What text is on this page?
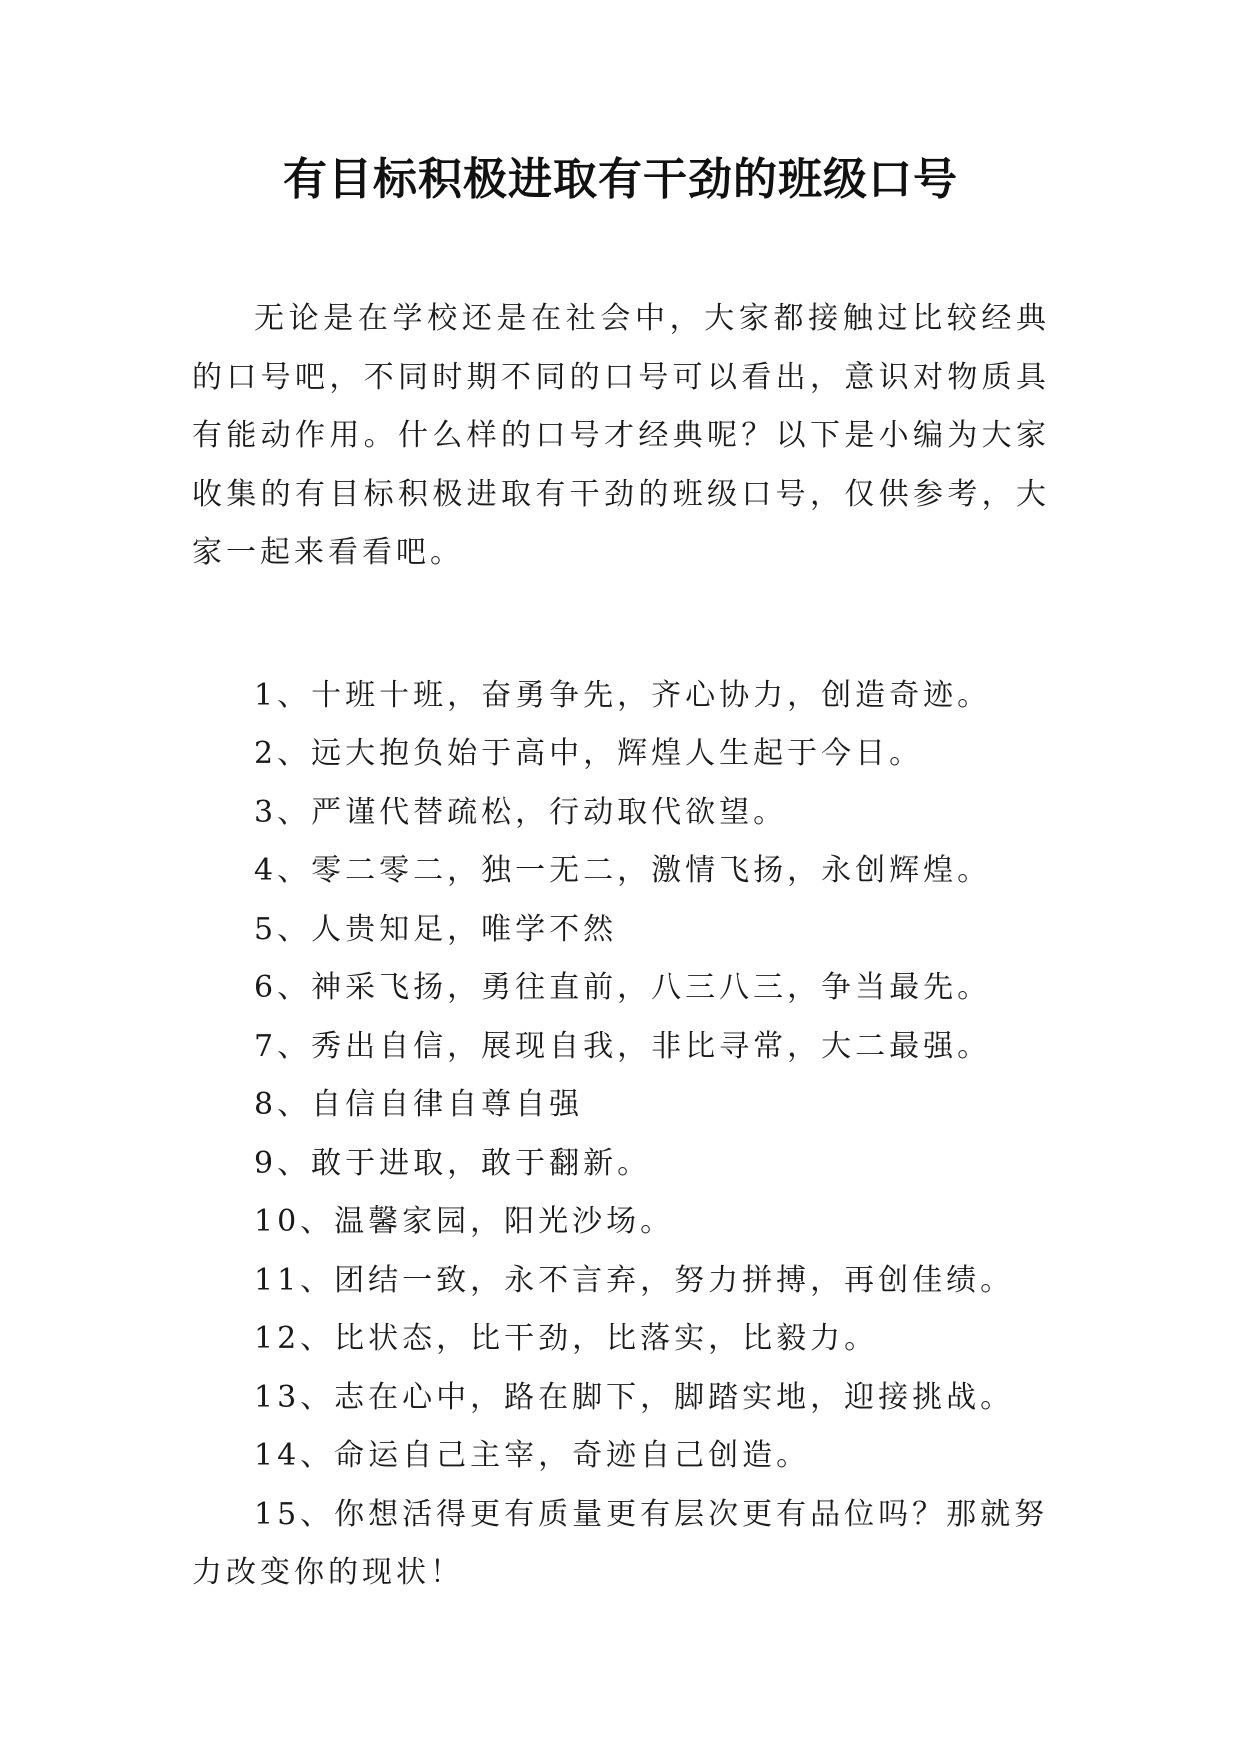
有目标积极进取有干劲的班级口号

无论是在学校还是在社会中，大家都接触过比较经典的口号吧，不同时期不同的口号可以看出，意识对物质具有能动作用。什么样的口号才经典呢？以下是小编为大家收集的有目标积极进取有干劲的班级口号，仅供参考，大家一起来看看吧。

1、十班十班，奋勇争先，齐心协力，创造奇迹。
2、远大抱负始于高中，辉煌人生起于今日。
3、严谨代替疏松，行动取代欲望。
4、零二零二，独一无二，激情飞扬，永创辉煌。
5、人贵知足，唯学不然
6、神采飞扬，勇往直前，八三八三，争当最先。
7、秀出自信，展现自我，非比寻常，大二最强。
8、自信自律自尊自强
9、敢于进取，敢于翻新。
10、温馨家园，阳光沙场。
11、团结一致，永不言弃，努力拼搏，再创佳绩。
12、比状态，比干劲，比落实，比毅力。
13、志在心中，路在脚下，脚踏实地，迎接挑战。
14、命运自己主宰，奇迹自己创造。
15、你想活得更有质量更有层次更有品位吗？那就努力改变你的现状！
